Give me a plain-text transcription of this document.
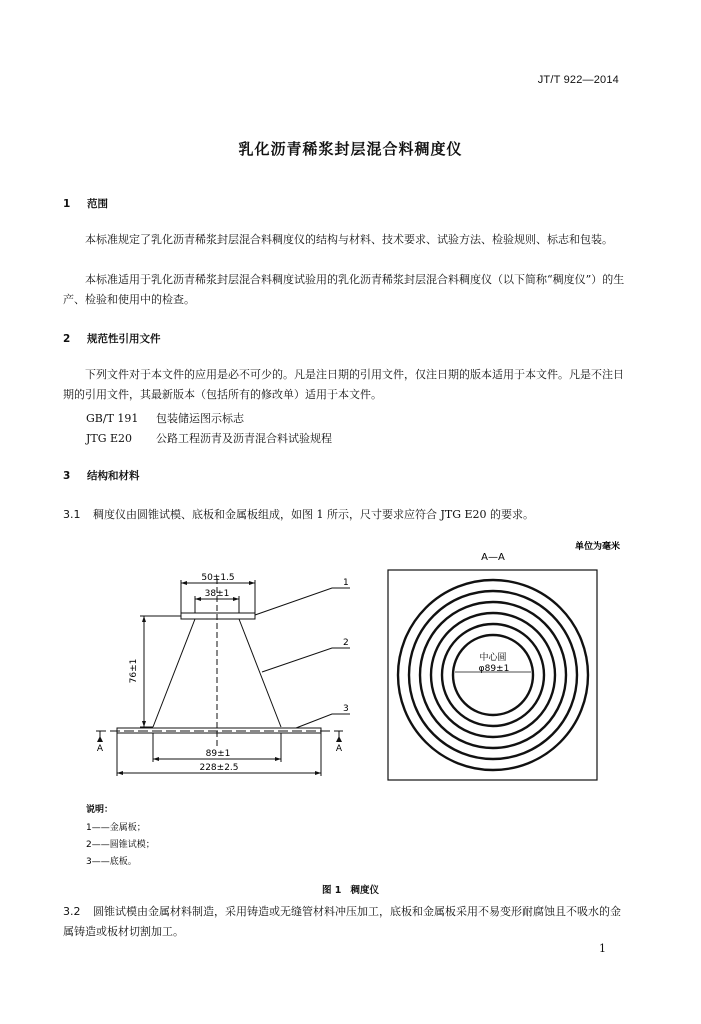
JT/T 922—2014
乳化沥青稀浆封层混合料稠度仪
1 范围
本标准规定了乳化沥青稀浆封层混合料稠度仪的结构与材料、技术要求、试验方法、检验规则、标志和包装。
本标准适用于乳化沥青稀浆封层混合料稠度试验用的乳化沥青稀浆封层混合料稠度仪（以下简称“稠度仪”）的生产、检验和使用中的检查。
2 规范性引用文件
下列文件对于本文件的应用是必不可少的。凡是注日期的引用文件，仅注日期的版本适用于本文件。凡是不注日期的引用文件，其最新版本（包括所有的修改单）适用于本文件。
GB/T 191 包装储运图示标志
JTG E20 公路工程沥青及沥青混合料试验规程
3 结构和材料
3.1 稠度仪由圆锥试模、底板和金属板组成，如图 1 所示，尺寸要求应符合 JTG E20 的要求。
单位为毫米
A—A
50±1.5
38±1
76±1
89±1
228±2.5
A	A
1
2
3
中心圆
φ89±1
说明：
1——金属板；
2——圆锥试模；
3——底板。
图 1 稠度仪
3.2 圆锥试模由金属材料制造，采用铸造或无缝管材料冲压加工，底板和金属板采用不易变形耐腐蚀且不吸水的金属铸造或板材切割加工。
1
